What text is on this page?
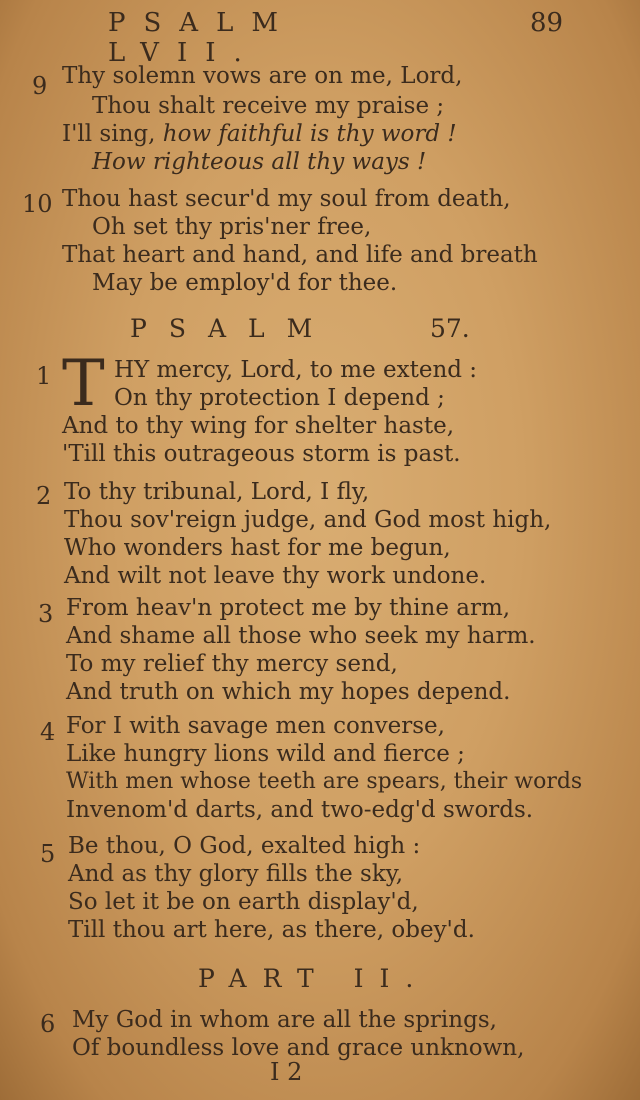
PSALM LVII.
89
9 Thy solemn vows are on me, Lord,
Thou shalt receive my praise ;
I'll sing, how faithful is thy word !
How righteous all thy ways !
10 Thou hast secur'd my soul from death,
Oh set thy pris'ner free,
That heart and hand, and life and breath
May be employ'd for thee.
PSALM	57.
1 T HY mercy, Lord, to me extend :
On thy protection I depend ;
And to thy wing for shelter haste,
'Till this outrageous storm is past.
2 To thy tribunal, Lord, I fly,
Thou sov'reign judge, and God most high,
Who wonders hast for me begun,
And wilt not leave thy work undone.
3 From heav'n protect me by thine arm,
And shame all those who seek my harm.
To my relief thy mercy send,
And truth on which my hopes depend.
4 For I with savage men converse,
Like hungry lions wild and fierce ;
With men whose teeth are spears, their words
Invenom'd darts, and two-edg'd swords.
5 Be thou, O God, exalted high :
And as thy glory fills the sky,
So let it be on earth display'd,
Till thou art here, as there, obey'd.
PART II.
6 My God in whom are all the springs,
Of boundless love and grace unknown,
I 2
